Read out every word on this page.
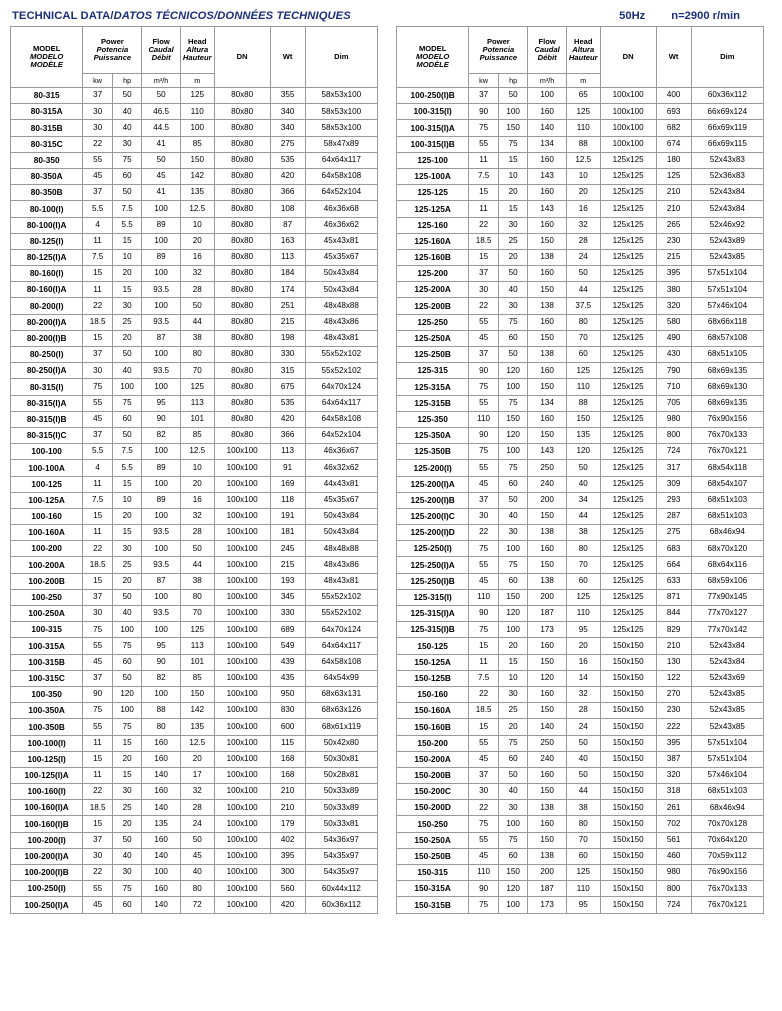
TECHNICAL DATA/DATOS TÉCNICOS/DONNÉES TECHNIQUES	50Hz n=2900 r/min
MODEL
MODELO
MODÈLE

Power
Potencia
Puissance

Flow
Caudal
Débit

Head
Altura
Hauteur	DN	Wt	Dim
	kw	hp	m³/h	m			
80-315	37	50	50	125	80x80	355	58x53x100
80-315A	30	40	46.5	110	80x80	340	58x53x100
80-315B	30	40	44.5	100	80x80	340	58x53x100
80-315C	22	30	41	85	80x80	275	58x47x89
80-350	55	75	50	150	80x80	535	64x64x117
80-350A	45	60	45	142	80x80	420	64x58x108
80-350B	37	50	41	135	80x80	366	64x52x104
80-100(I)	5.5	7.5	100	12.5	80x80	108	46x36x68
80-100(I)A	4	5.5	89	10	80x80	87	46x36x62
80-125(I)	11	15	100	20	80x80	163	45x43x81
80-125(I)A	7.5	10	89	16	80x80	113	45x35x67
80-160(I)	15	20	100	32	80x80	184	50x43x84
80-160(I)A	11	15	93.5	28	80x80	174	50x43x84
80-200(I)	22	30	100	50	80x80	251	48x48x88
80-200(I)A	18.5	25	93.5	44	80x80	215	48x43x86
80-200(I)B	15	20	87	38	80x80	198	48x43x81
80-250(I)	37	50	100	80	80x80	330	55x52x102
80-250(I)A	30	40	93.5	70	80x80	315	55x52x102
80-315(I)	75	100	100	125	80x80	675	64x70x124
80-315(I)A	55	75	95	113	80x80	535	64x64x117
80-315(I)B	45	60	90	101	80x80	420	64x58x108
80-315(I)C	37	50	82	85	80x80	366	64x52x104
100-100	5.5	7.5	100	12.5	100x100	113	46x36x67
100-100A	4	5.5	89	10	100x100	91	46x32x62
100-125	11	15	100	20	100x100	169	44x43x81
100-125A	7.5	10	89	16	100x100	118	45x35x67
100-160	15	20	100	32	100x100	191	50x43x84
100-160A	11	15	93.5	28	100x100	181	50x43x84
100-200	22	30	100	50	100x100	245	48x48x88
100-200A	18.5	25	93.5	44	100x100	215	48x43x86
100-200B	15	20	87	38	100x100	193	48x43x81
100-250	37	50	100	80	100x100	345	55x52x102
100-250A	30	40	93.5	70	100x100	330	55x52x102
100-315	75	100	100	125	100x100	689	64x70x124
100-315A	55	75	95	113	100x100	549	64x64x117
100-315B	45	60	90	101	100x100	439	64x58x108
100-315C	37	50	82	85	100x100	435	64x54x99
100-350	90	120	100	150	100x100	950	68x63x131
100-350A	75	100	88	142	100x100	830	68x63x126
100-350B	55	75	80	135	100x100	600	68x61x119
100-100(I)	11	15	160	12.5	100x100	115	50x42x80
100-125(I)	15	20	160	20	100x100	168	50x30x81
100-125(I)A	11	15	140	17	100x100	168	50x28x81
100-160(I)	22	30	160	32	100x100	210	50x33x89
100-160(I)A	18.5	25	140	28	100x100	210	50x33x89
100-160(I)B	15	20	135	24	100x100	179	50x33x81
100-200(I)	37	50	160	50	100x100	402	54x36x97
100-200(I)A	30	40	140	45	100x100	395	54x35x97
100-200(I)B	22	30	100	40	100x100	300	54x35x97
100-250(I)	55	75	160	80	100x100	560	60x44x112
100-250(I)A	45	60	140	72	100x100	420	60x36x112
MODEL
MODELO
MODÈLE

Power
Potencia
Puissance

Flow
Caudal
Débit

Head
Altura
Hauteur	DN	Wt	Dim
	kw	hp	m³/h	m			
100-250(I)B	37	50	100	65	100x100	400	60x36x112
100-315(I)	90	100	160	125	100x100	693	66x69x124
100-315(I)A	75	150	140	110	100x100	682	66x69x119
100-315(I)B	55	75	134	88	100x100	674	66x69x115
125-100	11	15	160	12.5	125x125	180	52x43x83
125-100A	7.5	10	143	10	125x125	125	52x36x83
125-125	15	20	160	20	125x125	210	52x43x84
125-125A	11	15	143	16	125x125	210	52x43x84
125-160	22	30	160	32	125x125	265	52x46x92
125-160A	18.5	25	150	28	125x125	230	52x43x89
125-160B	15	20	138	24	125x125	215	52x43x85
125-200	37	50	160	50	125x125	395	57x51x104
125-200A	30	40	150	44	125x125	380	57x51x104
125-200B	22	30	138	37.5	125x125	320	57x46x104
125-250	55	75	160	80	125x125	580	68x66x118
125-250A	45	60	150	70	125x125	490	68x57x108
125-250B	37	50	138	60	125x125	430	68x51x105
125-315	90	120	160	125	125x125	790	68x69x135
125-315A	75	100	150	110	125x125	710	68x69x130
125-315B	55	75	134	88	125x125	705	68x69x135
125-350	110	150	160	150	125x125	980	76x90x156
125-350A	90	120	150	135	125x125	800	76x70x133
125-350B	75	100	143	120	125x125	724	76x70x121
125-200(I)	55	75	250	50	125x125	317	68x54x118
125-200(I)A	45	60	240	40	125x125	309	68x54x107
125-200(I)B	37	50	200	34	125x125	293	68x51x103
125-200(I)C	30	40	150	44	125x125	287	68x51x103
125-200(I)D	22	30	138	38	125x125	275	68x46x94
125-250(I)	75	100	160	80	125x125	683	68x70x120
125-250(I)A	55	75	150	70	125x125	664	68x64x116
125-250(I)B	45	60	138	60	125x125	633	68x59x106
125-315(I)	110	150	200	125	125x125	871	77x90x145
125-315(I)A	90	120	187	110	125x125	844	77x70x127
125-315(I)B	75	100	173	95	125x125	829	77x70x142
150-125	15	20	160	20	150x150	210	52x43x84
150-125A	11	15	150	16	150x150	130	52x43x84
150-125B	7.5	10	120	14	150x150	122	52x43x69
150-160	22	30	160	32	150x150	270	52x43x85
150-160A	18.5	25	150	28	150x150	230	52x43x85
150-160B	15	20	140	24	150x150	222	52x43x85
150-200	55	75	250	50	150x150	395	57x51x104
150-200A	45	60	240	40	150x150	387	57x51x104
150-200B	37	50	160	50	150x150	320	57x46x104
150-200C	30	40	150	44	150x150	318	68x51x103
150-200D	22	30	138	38	150x150	261	68x46x94
150-250	75	100	160	80	150x150	702	70x70x128
150-250A	55	75	150	70	150x150	561	70x64x120
150-250B	45	60	138	60	150x150	460	70x59x112
150-315	110	150	200	125	150x150	980	76x90x156
150-315A	90	120	187	110	150x150	800	76x70x133
150-315B	75	100	173	95	150x150	724	76x70x121
